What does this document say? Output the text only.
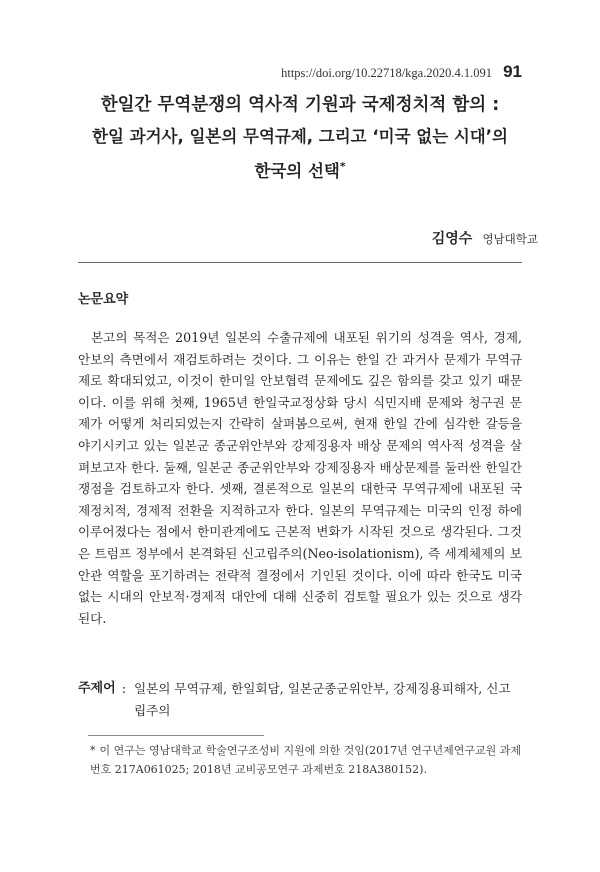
https://doi.org/10.22718/kga.2020.4.1.091 91
한일간 무역분쟁의 역사적 기원과 국제정치적 함의 :
한일 과거사, 일본의 무역규제, 그리고 ‘미국 없는 시대’의
한국의 선택*
김영수 영남대학교
논문요약
본고의 목적은 2019년 일본의 수출규제에 내포된 위기의 성격을 역사, 경제, 안보의 측면에서 재검토하려는 것이다. 그 이유는 한일 간 과거사 문제가 무역규제로 확대되었고, 이것이 한미일 안보협력 문제에도 깊은 함의를 갖고 있기 때문이다. 이를 위해 첫째, 1965년 한일국교정상화 당시 식민지배 문제와 청구권 문제가 어떻게 처리되었는지 간략히 살펴봄으로써, 현재 한일 간에 심각한 갈등을 야기시키고 있는 일본군 종군위안부와 강제징용자 배상 문제의 역사적 성격을 살펴보고자 한다. 둘째, 일본군 종군위안부와 강제징용자 배상문제를 둘러싼 한일간 쟁점을 검토하고자 한다. 셋째, 결론적으로 일본의 대한국 무역규제에 내포된 국제정치적, 경제적 전환을 지적하고자 한다. 일본의 무역규제는 미국의 인정 하에 이루어졌다는 점에서 한미관계에도 근본적 변화가 시작된 것으로 생각된다. 그것은 트럼프 정부에서 본격화된 신고립주의(Neo-isolationism), 즉 세계체제의 보안관 역할을 포기하려는 전략적 결정에서 기인된 것이다. 이에 따라 한국도 미국 없는 시대의 안보적·경제적 대안에 대해 신중히 검토할 필요가 있는 것으로 생각된다.
주제어 : 일본의 무역규제, 한일회담, 일본군종군위안부, 강제징용피해자, 신고립주의
* 이 연구는 영남대학교 학술연구조성비 지원에 의한 것임(2017년 연구년제연구교원 과제번호 217A061025; 2018년 교비공모연구 과제번호 218A380152).
